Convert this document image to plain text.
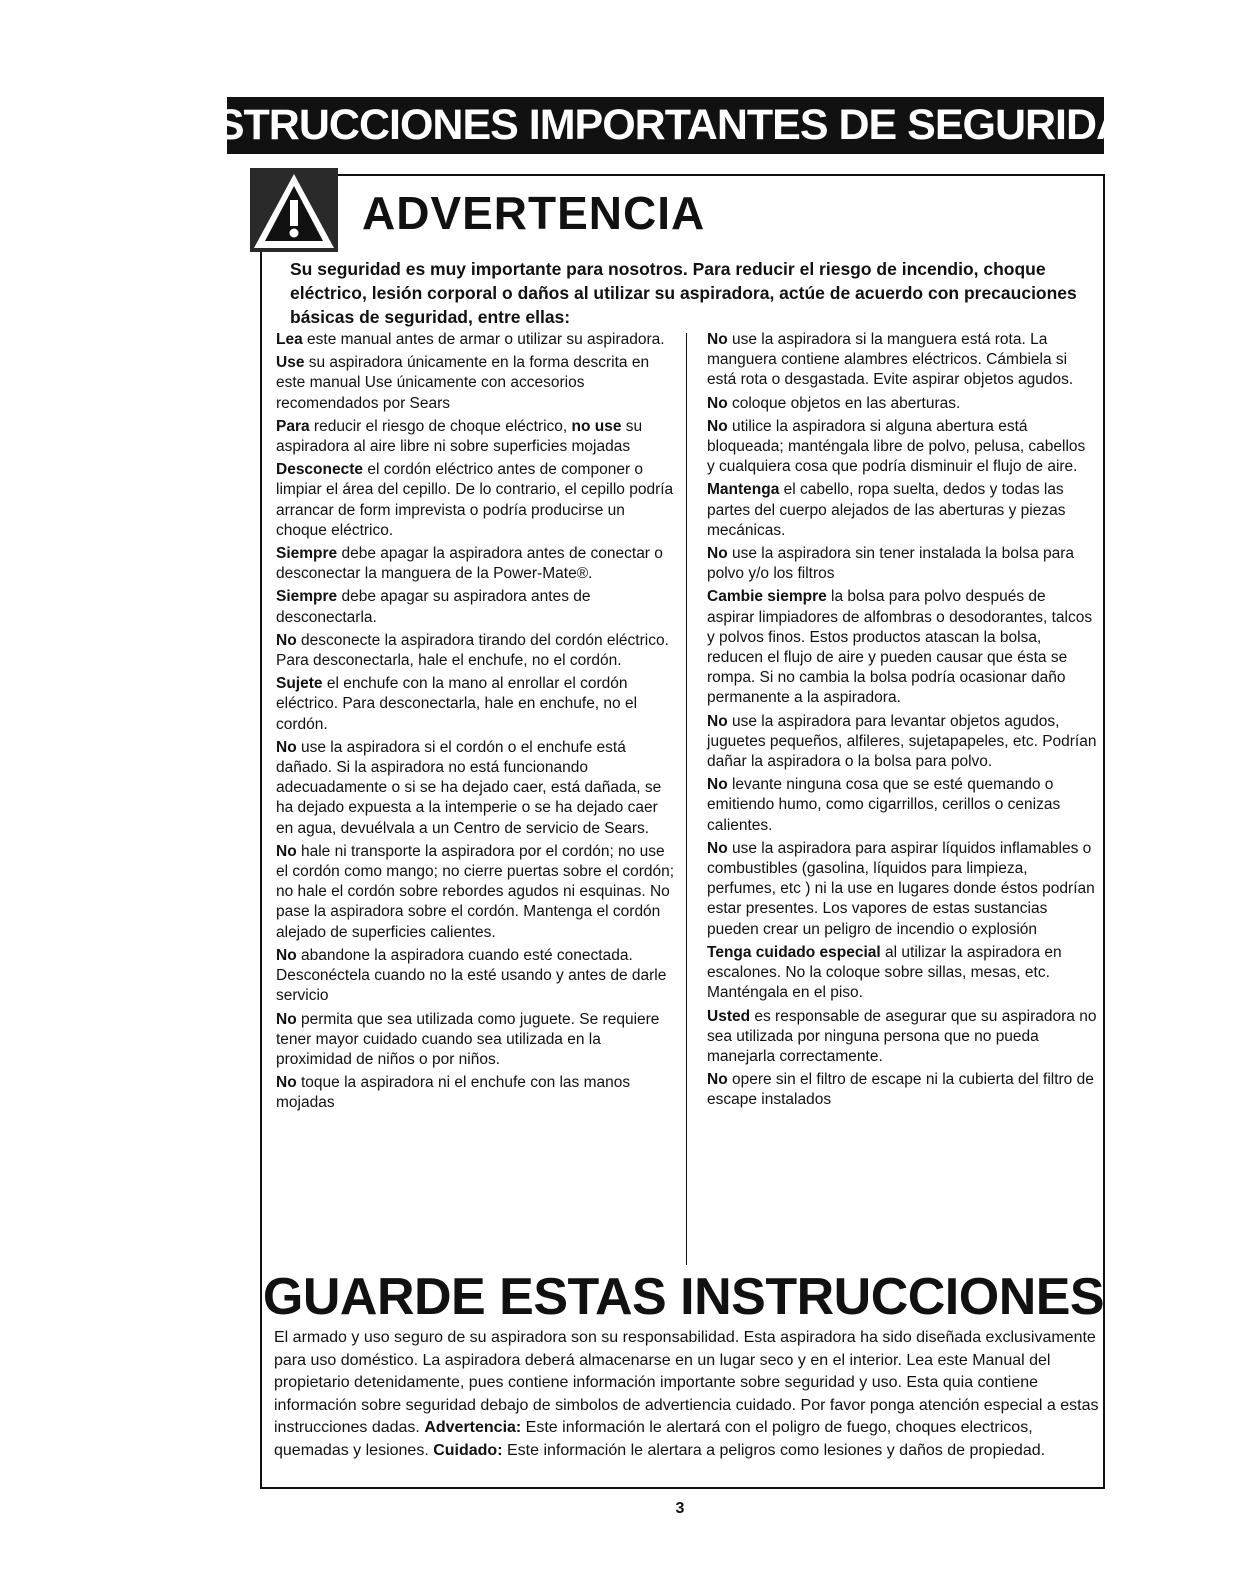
INSTRUCCIONES IMPORTANTES DE SEGURIDAD
ADVERTENCIA
Su seguridad es muy importante para nosotros. Para reducir el riesgo de incendio, choque eléctrico, lesión corporal o daños al utilizar su aspiradora, actúe de acuerdo con precauciones básicas de seguridad, entre ellas:

Lea este manual antes de armar o utilizar su aspiradora.

Use su aspiradora únicamente en la forma descrita en este manual Use únicamente con accesorios recomendados por Sears

Para reducir el riesgo de choque eléctrico, no use su aspiradora al aire libre ni sobre superficies mojadas

Desconecte el cordón eléctrico antes de componer o limpiar el área del cepillo. De lo contrario, el cepillo podría arrancar de form imprevista o podría producirse un choque eléctrico.

Siempre debe apagar la aspiradora antes de conectar o desconectar la manguera de la Power-Mate®.

Siempre debe apagar su aspiradora antes de desconectarla.

No desconecte la aspiradora tirando del cordón eléctrico. Para desconectarla, hale el enchufe, no el cordón.

Sujete el enchufe con la mano al enrollar el cordón eléctrico. Para desconectarla, hale en enchufe, no el cordón.

No use la aspiradora si el cordón o el enchufe está dañado. Si la aspiradora no está funcionando adecuadamente o si se ha dejado caer, está dañada, se ha dejado expuesta a la intemperie o se ha dejado caer en agua, devuélvala a un Centro de servicio de Sears.

No hale ni transporte la aspiradora por el cordón; no use el cordón como mango; no cierre puertas sobre el cordón; no hale el cordón sobre rebordes agudos ni esquinas. No pase la aspiradora sobre el cordón. Mantenga el cordón alejado de superficies calientes.

No abandone la aspiradora cuando esté conectada. Desconéctela cuando no la esté usando y antes de darle servicio

No permita que sea utilizada como juguete. Se requiere tener mayor cuidado cuando sea utilizada en la proximidad de niños o por niños.

No toque la aspiradora ni el enchufe con las manos mojadas

No use la aspiradora si la manguera está rota. La manguera contiene alambres eléctricos. Cámbiela si está rota o desgastada. Evite aspirar objetos agudos.

No coloque objetos en las aberturas.

No utilice la aspiradora si alguna abertura está bloqueada; manténgala libre de polvo, pelusa, cabellos y cualquiera cosa que podría disminuir el flujo de aire.

Mantenga el cabello, ropa suelta, dedos y todas las partes del cuerpo alejados de las aberturas y piezas mecánicas.

No use la aspiradora sin tener instalada la bolsa para polvo y/o los filtros

Cambie siempre la bolsa para polvo después de aspirar limpiadores de alfombras o desodorantes, talcos y polvos finos. Estos productos atascan la bolsa, reducen el flujo de aire y pueden causar que ésta se rompa. Si no cambia la bolsa podría ocasionar daño permanente a la aspiradora.

No use la aspiradora para levantar objetos agudos, juguetes pequeños, alfileres, sujetapapeles, etc. Podrían dañar la aspiradora o la bolsa para polvo.

No levante ninguna cosa que se esté quemando o emitiendo humo, como cigarrillos, cerillos o cenizas calientes.

No use la aspiradora para aspirar líquidos inflamables o combustibles (gasolina, líquidos para limpieza, perfumes, etc ) ni la use en lugares donde éstos podrían estar presentes. Los vapores de estas sustancias pueden crear un peligro de incendio o explosión

Tenga cuidado especial al utilizar la aspiradora en escalones. No la coloque sobre sillas, mesas, etc. Manténgala en el piso.

Usted es responsable de asegurar que su aspiradora no sea utilizada por ninguna persona que no pueda manejarla correctamente.

No opere sin el filtro de escape ni la cubierta del filtro de escape instalados

GUARDE ESTAS INSTRUCCIONES
El armado y uso seguro de su aspiradora son su responsabilidad. Esta aspiradora ha sido diseñada exclusivamente para uso doméstico. La aspiradora deberá almacenarse en un lugar seco y en el interior. Lea este Manual del propietario detenidamente, pues contiene información importante sobre seguridad y uso. Esta quia contiene información sobre seguridad debajo de simbolos de advertiencia cuidado. Por favor ponga atención especial a estas instrucciones dadas. Advertencia: Este información le alertará con el poligro de fuego, choques electricos, quemadas y lesiones. Cuidado: Este información le alertara a peligros como lesiones y daños de propiedad.
3
